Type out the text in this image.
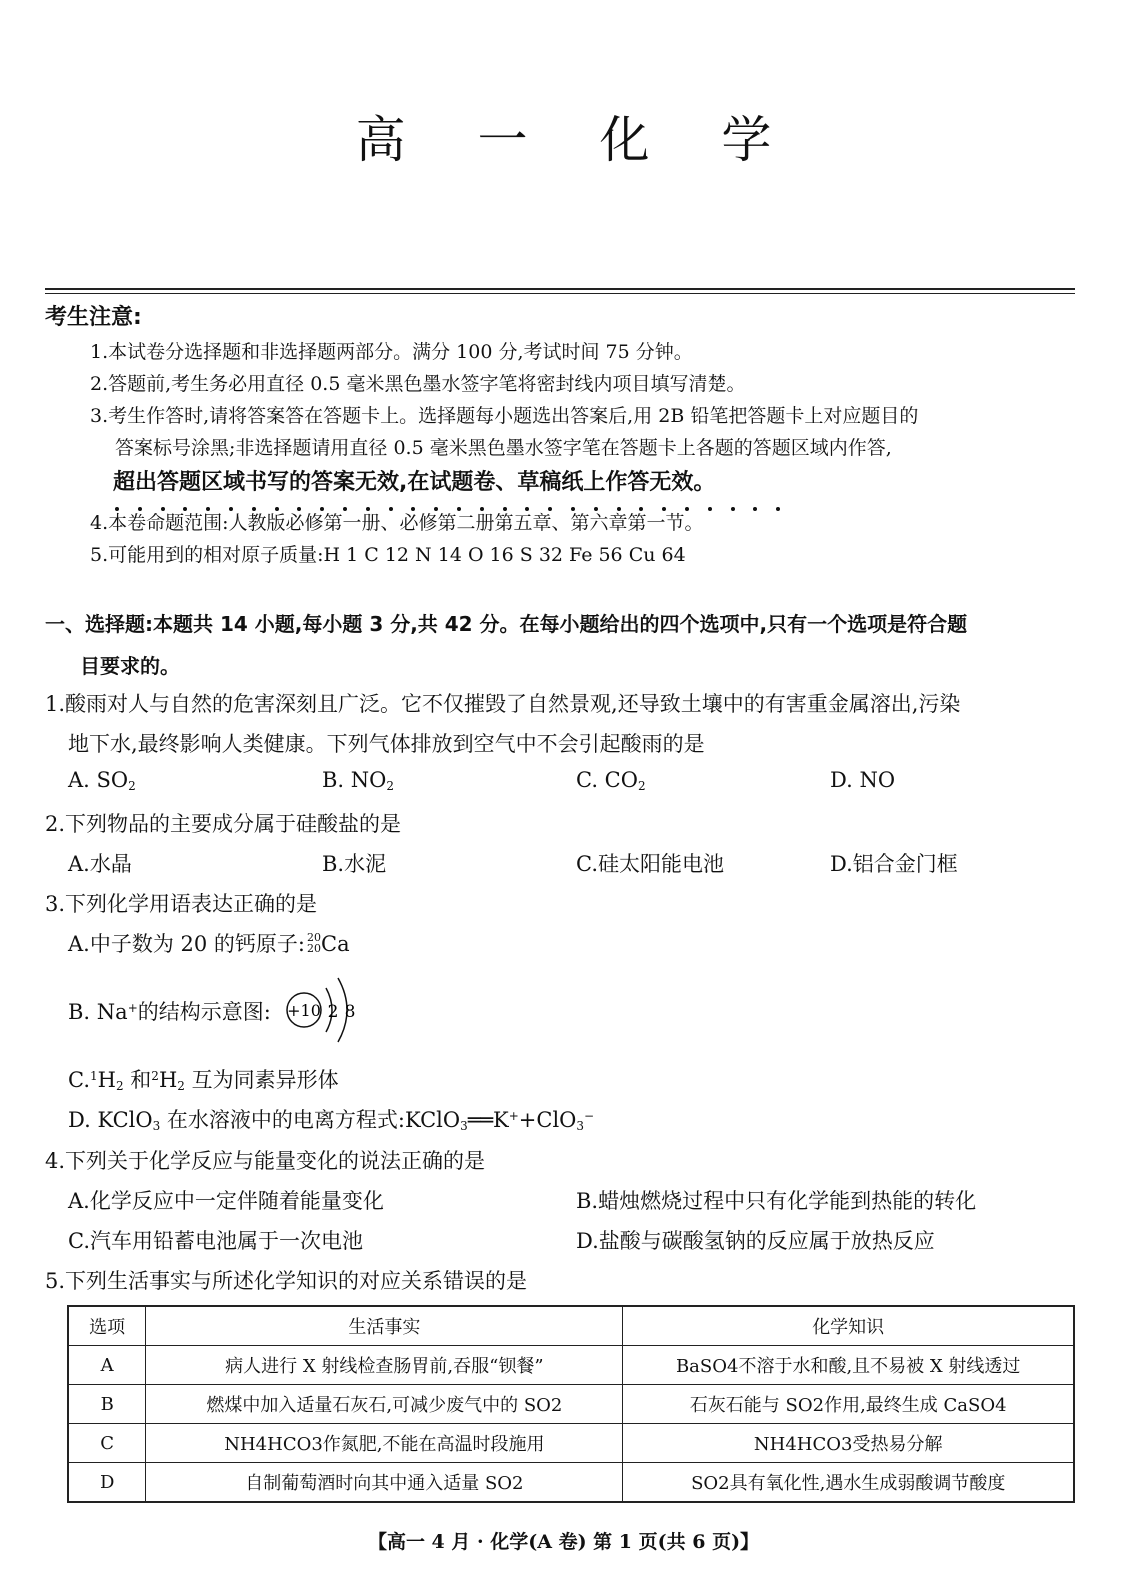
高 一 化 学
考生注意:
1.本试卷分选择题和非选择题两部分。满分 100 分,考试时间 75 分钟。
2.答题前,考生务必用直径 0.5 毫米黑色墨水签字笔将密封线内项目填写清楚。
3.考生作答时,请将答案答在答题卡上。选择题每小题选出答案后,用 2B 铅笔把答题卡上对应题目的
答案标号涂黑;非选择题请用直径 0.5 毫米黑色墨水签字笔在答题卡上各题的答题区域内作答,
超出答题区域书写的答案无效,在试题卷、草稿纸上作答无效。
4.本卷命题范围:人教版必修第一册、必修第二册第五章、第六章第一节。
5.可能用到的相对原子质量:H 1 C 12 N 14 O 16 S 32 Fe 56 Cu 64
一、选择题:本题共 14 小题,每小题 3 分,共 42 分。在每小题给出的四个选项中,只有一个选项是符合题
目要求的。
1.酸雨对人与自然的危害深刻且广泛。它不仅摧毁了自然景观,还导致土壤中的有害重金属溶出,污染
地下水,最终影响人类健康。下列气体排放到空气中不会引起酸雨的是
A. $SO_2$	B. $NO_2$	C. $CO_2$	D. NO
2.下列物品的主要成分属于硅酸盐的是
A.水晶	B.水泥	C.硅太阳能电池	D.铝合金门框
3.下列化学用语表达正确的是
A.中子数为 20 的钙原子: 20
20 Ca
B. Na+的结构示意图: +10 2 8
$C.^1H_2$ 和$^2H_2$ 互为同素异形体
D. KClO$_3$ 在水溶液中的电离方程式:KClO$_3$══K++ClO$_3$−
4.下列关于化学反应与能量变化的说法正确的是
A.化学反应中一定伴随着能量变化	B.蜡烛燃烧过程中只有化学能到热能的转化
C.汽车用铅蓄电池属于一次电池	D.盐酸与碳酸氢钠的反应属于放热反应
5.下列生活事实与所述化学知识的对应关系错误的是
选项	生活事实	化学知识
A	病人进行 X 射线检查肠胃前,吞服“钡餐”	BaSO4不溶于水和酸,且不易被 X 射线透过
B	燃煤中加入适量石灰石,可减少废气中的 SO2	石灰石能与 SO2作用,最终生成 CaSO4
C	NH4HCO3作氮肥,不能在高温时段施用	NH4HCO3受热易分解
D	自制葡萄酒时向其中通入适量 SO2	SO2具有氧化性,遇水生成弱酸调节酸度
【高一 4 月 · 化学(A 卷) 第 1 页(共 6 页)】
